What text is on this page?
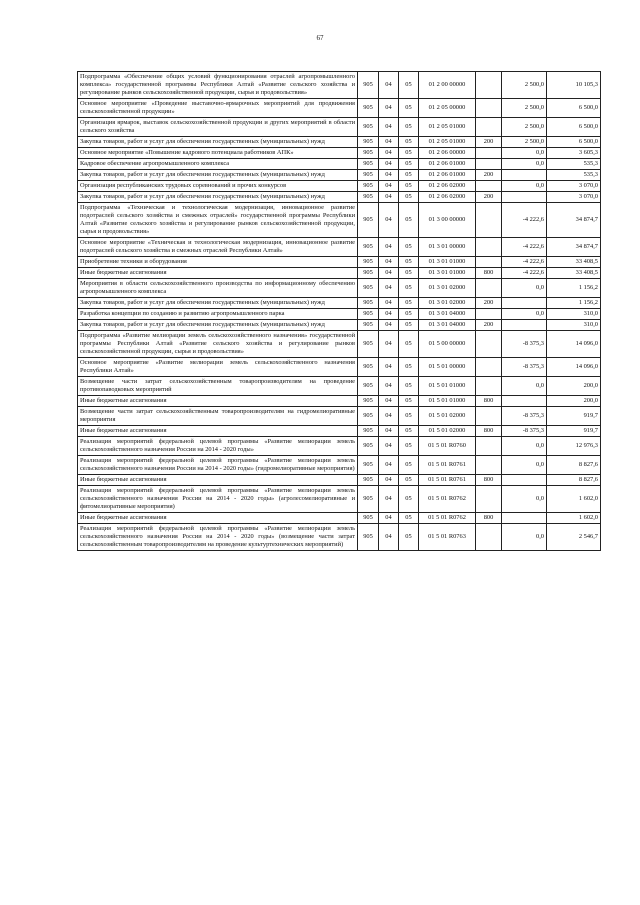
67
Подпрограмма «Обеспечение общих условий функционирования отраслей агропромышленного комплекса» государственной программы Республики Алтай «Развитие сельского хозяйства и регулирование рынков сельскохозяйственной продукции, сырья и продовольствия»	905	04	05	01 2 00 00000		2 500,0	10 105,3
Основное мероприятие «Проведение выставочно-ярмарочных мероприятий для продвижения сельскохозяйственной продукции»	905	04	05	01 2 05 00000		2 500,0	6 500,0
Организация ярмарок, выставок сельскохозяйственной продукции и других мероприятий в области сельского хозяйства	905	04	05	01 2 05 01000		2 500,0	6 500,0
Закупка товаров, работ и услуг для обеспечения государственных (муниципальных) нужд	905	04	05	01 2 05 01000	200	2 500,0	6 500,0
Основное мероприятие «Повышение кадрового потенциала работников АПК»	905	04	05	01 2 06 00000		0,0	3 605,3
Кадровое обеспечение агропромышленного комплекса	905	04	05	01 2 06 01000		0,0	535,3
Закупка товаров, работ и услуг для обеспечения государственных (муниципальных) нужд	905	04	05	01 2 06 01000	200		535,3
Организация республиканских трудовых соревнований и прочих конкурсов	905	04	05	01 2 06 02000		0,0	3 070,0
Закупка товаров, работ и услуг для обеспечения государственных (муниципальных) нужд	905	04	05	01 2 06 02000	200		3 070,0
Подпрограмма «Техническая и технологическая модернизация, инновационное развитие подотраслей сельского хозяйства и смежных отраслей» государственной программы Республики Алтай «Развитие сельского хозяйства и регулирование рынков сельскохозяйственной продукции, сырья и продовольствия»	905	04	05	01 3 00 00000		-4 222,6	34 874,7
Основное мероприятие «Техническая и технологическая модернизация, инновационное развитие подотраслей сельского хозяйства и смежных отраслей Республики Алтай»	905	04	05	01 3 01 00000		-4 222,6	34 874,7
Приобретение техники и оборудования	905	04	05	01 3 01 01000		-4 222,6	33 408,5
Иные бюджетные ассигнования	905	04	05	01 3 01 01000	800	-4 222,6	33 408,5
Мероприятия в области сельскохозяйственного производства по информационному обеспечению агропромышленного комплекса	905	04	05	01 3 01 02000		0,0	1 156,2
Закупка товаров, работ и услуг для обеспечения государственных (муниципальных) нужд	905	04	05	01 3 01 02000	200		1 156,2
Разработка концепции по созданию и развитию агропромышленного парка	905	04	05	01 3 01 04000		0,0	310,0
Закупка товаров, работ и услуг для обеспечения государственных (муниципальных) нужд	905	04	05	01 3 01 04000	200		310,0
Подпрограмма «Развитие мелиорации земель сельскохозяйственного назначения» государственной программы Республики Алтай «Развитие сельского хозяйства и регулирование рынков сельскохозяйственной продукции, сырья и продовольствия»	905	04	05	01 5 00 00000		-8 375,3	14 096,0
Основное мероприятие «Развитие мелиорации земель сельскохозяйственного назначения Республики Алтай»	905	04	05	01 5 01 00000		-8 375,3	14 096,0
Возмещение части затрат сельскохозяйственным товаропроизводителям на проведение противопаводковых мероприятий	905	04	05	01 5 01 01000		0,0	200,0
Иные бюджетные ассигнования	905	04	05	01 5 01 01000	800		200,0
Возмещение части затрат сельскохозяйственным товаропроизводителям на гидромелиоративные мероприятия	905	04	05	01 5 01 02000		-8 375,3	919,7
Иные бюджетные ассигнования	905	04	05	01 5 01 02000	800	-8 375,3	919,7
Реализация мероприятий федеральной целевой программы «Развитие мелиорации земель сельскохозяйственного назначения России на 2014 - 2020 годы»	905	04	05	01 5 01 R0760		0,0	12 976,3
Реализация мероприятий федеральной целевой программы «Развитие мелиорации земель сельскохозяйственного назначения России на 2014 - 2020 годы» (гидромелиоративные мероприятия)	905	04	05	01 5 01 R0761		0,0	8 827,6
Иные бюджетные ассигнования	905	04	05	01 5 01 R0761	800		8 827,6
Реализация мероприятий федеральной целевой программы «Развитие мелиорации земель сельскохозяйственного назначения России на 2014 - 2020 годы» (агролесомелиоративные и фитомелиоративные мероприятия)	905	04	05	01 5 01 R0762		0,0	1 602,0
Иные бюджетные ассигнования	905	04	05	01 5 01 R0762	800		1 602,0
Реализация мероприятий федеральной целевой программы «Развитие мелиорации земель сельскохозяйственного назначения России на 2014 - 2020 годы» (возмещение части затрат сельскохозяйственным товаропроизводителям на проведение культуртехнических мероприятий)	905	04	05	01 5 01 R0763		0,0	2 546,7
